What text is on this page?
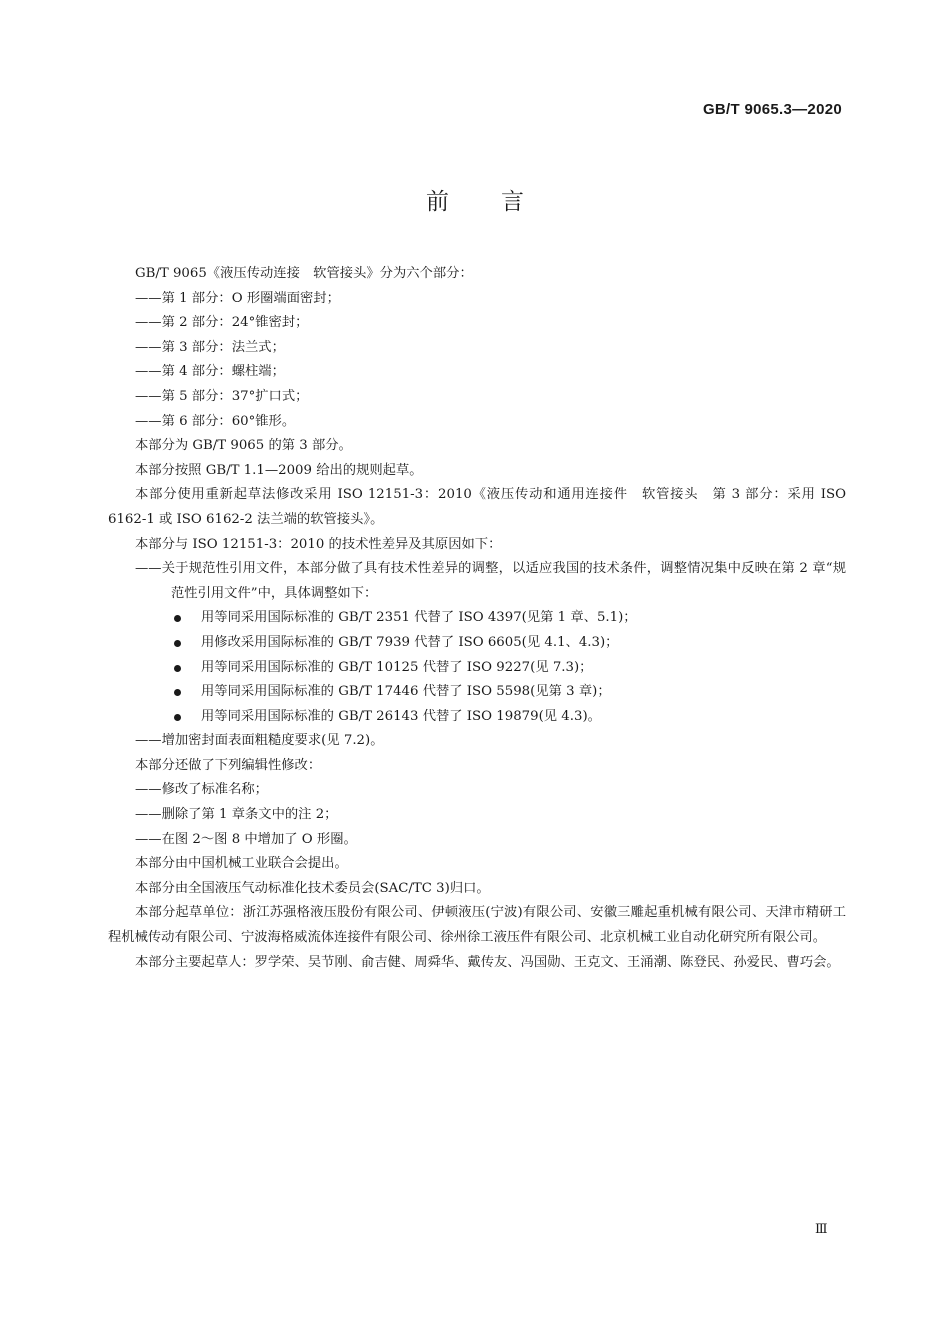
GB/T 9065.3—2020
前言

GB/T 9065《液压传动连接　软管接头》分为六个部分：

——第 1 部分：O 形圈端面密封；

——第 2 部分：24°锥密封；

——第 3 部分：法兰式；

——第 4 部分：螺柱端；

——第 5 部分：37°扩口式；

——第 6 部分：60°锥形。

本部分为 GB/T 9065 的第 3 部分。

本部分按照 GB/T 1.1—2009 给出的规则起草。

本部分使用重新起草法修改采用 ISO 12151-3：2010《液压传动和通用连接件　软管接头　第 3 部分：采用 ISO 6162-1 或 ISO 6162-2 法兰端的软管接头》。

本部分与 ISO 12151-3：2010 的技术性差异及其原因如下：

——关于规范性引用文件，本部分做了具有技术性差异的调整，以适应我国的技术条件，调整情况集中反映在第 2 章“规范性引用文件”中，具体调整如下：

用等同采用国际标准的 GB/T 2351 代替了 ISO 4397(见第 1 章、5.1)；

用修改采用国际标准的 GB/T 7939 代替了 ISO 6605(见 4.1、4.3)；

用等同采用国际标准的 GB/T 10125 代替了 ISO 9227(见 7.3)；

用等同采用国际标准的 GB/T 17446 代替了 ISO 5598(见第 3 章)；

用等同采用国际标准的 GB/T 26143 代替了 ISO 19879(见 4.3)。

——增加密封面表面粗糙度要求(见 7.2)。

本部分还做了下列编辑性修改：

——修改了标准名称；

——删除了第 1 章条文中的注 2；

——在图 2～图 8 中增加了 O 形圈。

本部分由中国机械工业联合会提出。

本部分由全国液压气动标准化技术委员会(SAC/TC 3)归口。

本部分起草单位：浙江苏强格液压股份有限公司、伊顿液压(宁波)有限公司、安徽三雕起重机械有限公司、天津市精研工程机械传动有限公司、宁波海格威流体连接件有限公司、徐州徐工液压件有限公司、北京机械工业自动化研究所有限公司。

本部分主要起草人：罗学荣、吴节刚、俞吉健、周舜华、戴传友、冯国勋、王克文、王涌潮、陈登民、孙爱民、曹巧会。

Ⅲ
